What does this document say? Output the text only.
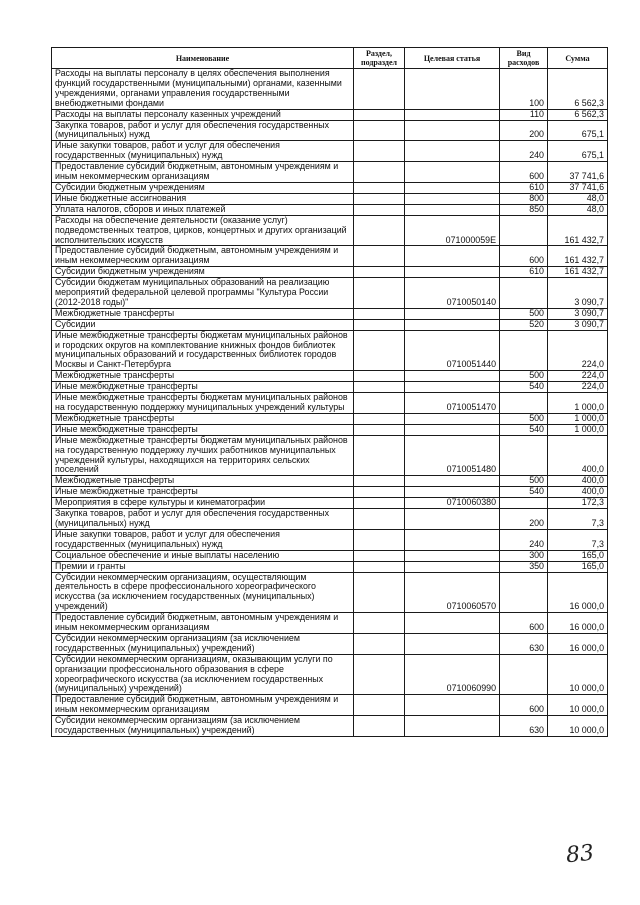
Наименование	Раздел, подраздел	Целевая статья	Вид расходов	Сумма
Расходы на выплаты персоналу в целях обеспечения выполнения функций государственными (муниципальными) органами, казенными учреждениями, органами управления государственными внебюджетными фондами			100	6 562,3
Расходы на выплаты персоналу казенных учреждений			110	6 562,3
Закупка товаров, работ и услуг для обеспечения государственных (муниципальных) нужд			200	675,1
Иные закупки товаров, работ и услуг для обеспечения государственных (муниципальных) нужд			240	675,1
Предоставление субсидий бюджетным, автономным учреждениям и иным некоммерческим организациям			600	37 741,6
Субсидии бюджетным учреждениям			610	37 741,6
Иные бюджетные ассигнования			800	48,0
Уплата налогов, сборов и иных платежей			850	48,0
Расходы на обеспечение деятельности (оказание услуг) подведомственных театров, цирков, концертных и других организаций исполнительских искусств		071000059Е		161 432,7
Предоставление субсидий бюджетным, автономным учреждениям и иным некоммерческим организациям			600	161 432,7
Субсидии бюджетным учреждениям			610	161 432,7
Субсидии бюджетам муниципальных образований на реализацию мероприятий федеральной целевой программы "Культура России (2012-2018 годы)"		0710050140		3 090,7
Межбюджетные трансферты			500	3 090,7
Субсидии			520	3 090,7
Иные межбюджетные трансферты бюджетам муниципальных районов и городских округов на комплектование книжных фондов библиотек муниципальных образований и государственных библиотек городов Москвы и Санкт-Петербурга		0710051440		224,0
Межбюджетные трансферты			500	224,0
Иные межбюджетные трансферты			540	224,0
Иные межбюджетные трансферты бюджетам муниципальных районов на государственную поддержку муниципальных учреждений культуры		0710051470		1 000,0
Межбюджетные трансферты			500	1 000,0
Иные межбюджетные трансферты			540	1 000,0
Иные межбюджетные трансферты бюджетам муниципальных районов на государственную поддержку лучших работников муниципальных учреждений культуры, находящихся на территориях сельских поселений		0710051480		400,0
Межбюджетные трансферты			500	400,0
Иные межбюджетные трансферты			540	400,0
Мероприятия в сфере культуры и кинематографии		0710060380		172,3
Закупка товаров, работ и услуг для обеспечения государственных (муниципальных) нужд			200	7,3
Иные закупки товаров, работ и услуг для обеспечения государственных (муниципальных) нужд			240	7,3
Социальное обеспечение и иные выплаты населению			300	165,0
Премии и гранты			350	165,0
Субсидии некоммерческим организациям, осуществляющим деятельность в сфере профессионального хореографического искусства (за исключением государственных (муниципальных) учреждений)		0710060570		16 000,0
Предоставление субсидий бюджетным, автономным учреждениям и иным некоммерческим организациям			600	16 000,0
Субсидии некоммерческим организациям (за исключением государственных (муниципальных) учреждений)			630	16 000,0
Субсидии некоммерческим организациям, оказывающим услуги по организации профессионального образования в сфере хореографического искусства (за исключением государственных (муниципальных) учреждений)		0710060990		10 000,0
Предоставление субсидий бюджетным, автономным учреждениям и иным некоммерческим организациям			600	10 000,0
Субсидии некоммерческим организациям (за исключением государственных (муниципальных) учреждений)			630	10 000,0
83
